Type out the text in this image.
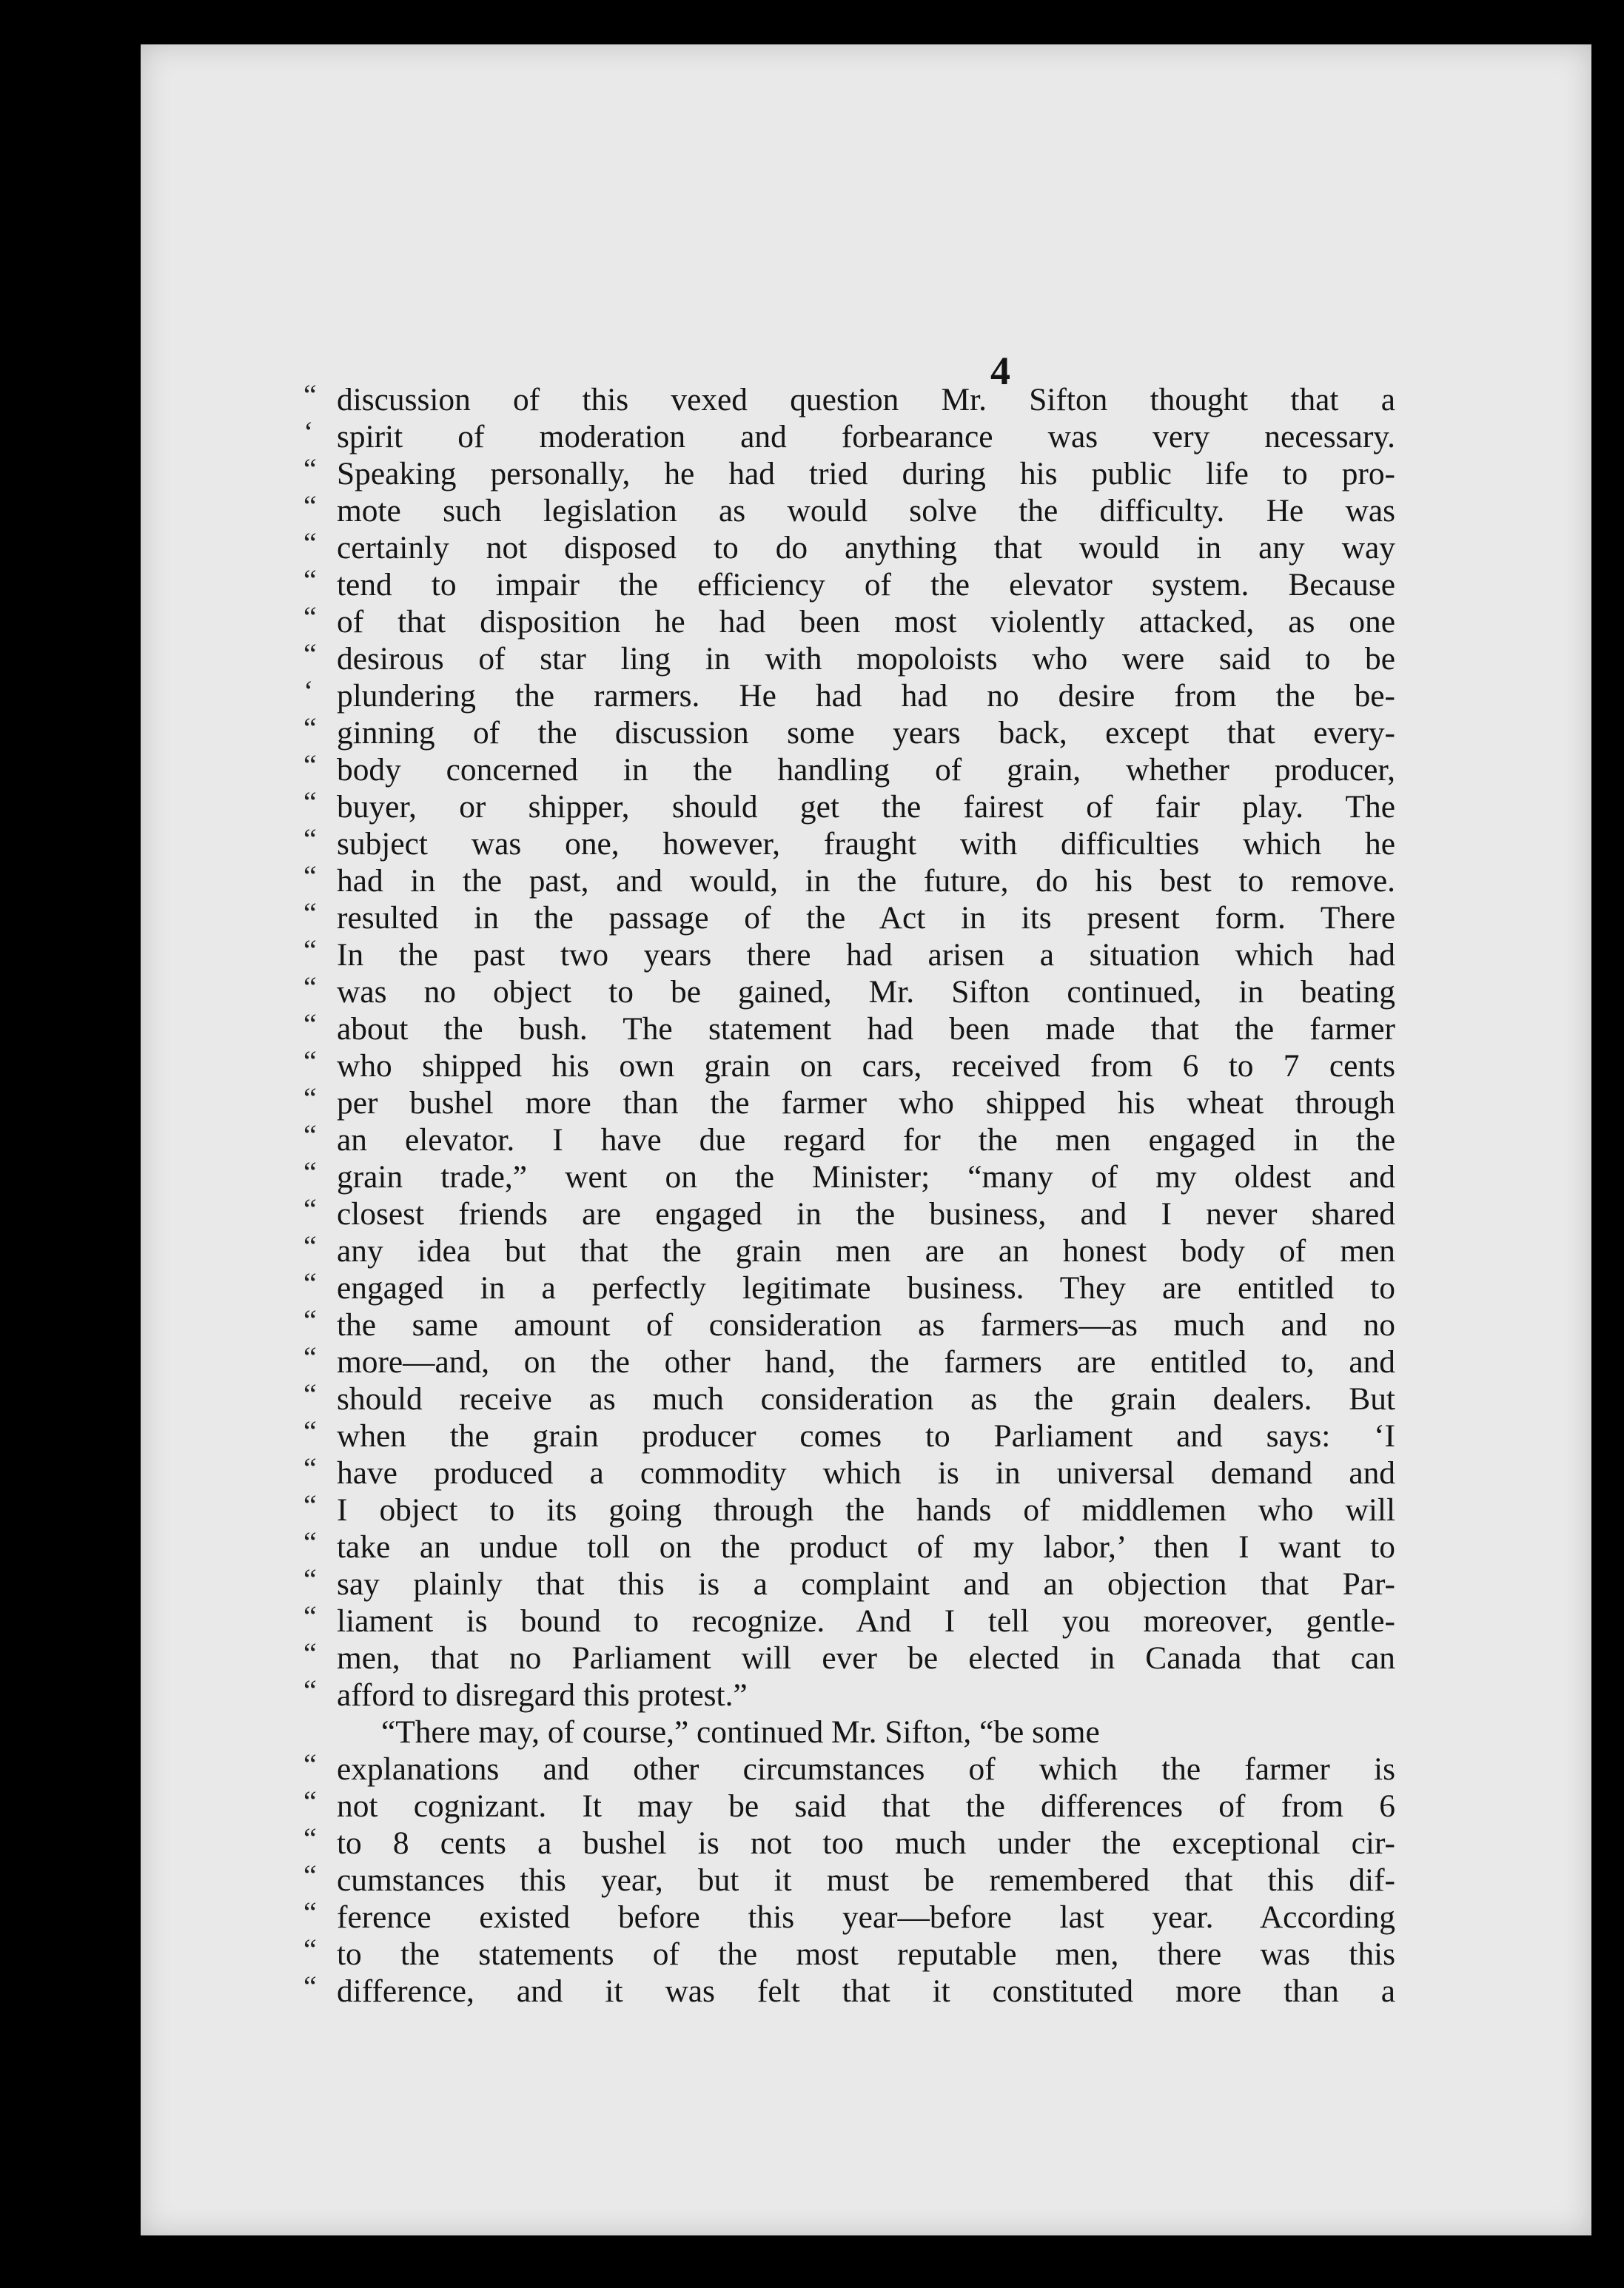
4
“ discussion of this vexed question Mr. Sifton thought that a
‘ spirit of moderation and forbearance was very necessary.
“ Speaking personally, he had tried during his public life to pro-
“ mote such legislation as would solve the difficulty. He was
“ certainly not disposed to do anything that would in any way
“ tend to impair the efficiency of the elevator system. Because
“ of that disposition he had been most violently attacked, as one
“ desirous of star ling in with mopoloists who were said to be
‘ plundering the rarmers. He had had no desire from the be-
“ ginning of the discussion some years back, except that every-
“ body concerned in the handling of grain, whether producer,
“ buyer, or shipper, should get the fairest of fair play. The
“ subject was one, however, fraught with difficulties which he
“ had in the past, and would, in the future, do his best to remove.
“ resulted in the passage of the Act in its present form. There
“ In the past two years there had arisen a situation which had
“ was no object to be gained, Mr. Sifton continued, in beating
“ about the bush. The statement had been made that the farmer
“ who shipped his own grain on cars, received from 6 to 7 cents
“ per bushel more than the farmer who shipped his wheat through
“ an elevator. I have due regard for the men engaged in the
“ grain trade,” went on the Minister; “many of my oldest and
“ closest friends are engaged in the business, and I never shared
“ any idea but that the grain men are an honest body of men
“ engaged in a perfectly legitimate business. They are entitled to
“ the same amount of consideration as farmers—as much and no
“ more—and, on the other hand, the farmers are entitled to, and
“ should receive as much consideration as the grain dealers. But
“ when the grain producer comes to Parliament and says: ‘I
“ have produced a commodity which is in universal demand and
“ I object to its going through the hands of middlemen who will
“ take an undue toll on the product of my labor,’ then I want to
“ say plainly that this is a complaint and an objection that Par-
“ liament is bound to recognize. And I tell you moreover, gentle-
“ men, that no Parliament will ever be elected in Canada that can
“ afford to disregard this protest.”
“There may, of course,” continued Mr. Sifton, “be some
“ explanations and other circumstances of which the farmer is
“ not cognizant. It may be said that the differences of from 6
“ to 8 cents a bushel is not too much under the exceptional cir-
“ cumstances this year, but it must be remembered that this dif-
“ ference existed before this year—before last year. According
“ to the statements of the most reputable men, there was this
“ difference, and it was felt that it constituted more than a
